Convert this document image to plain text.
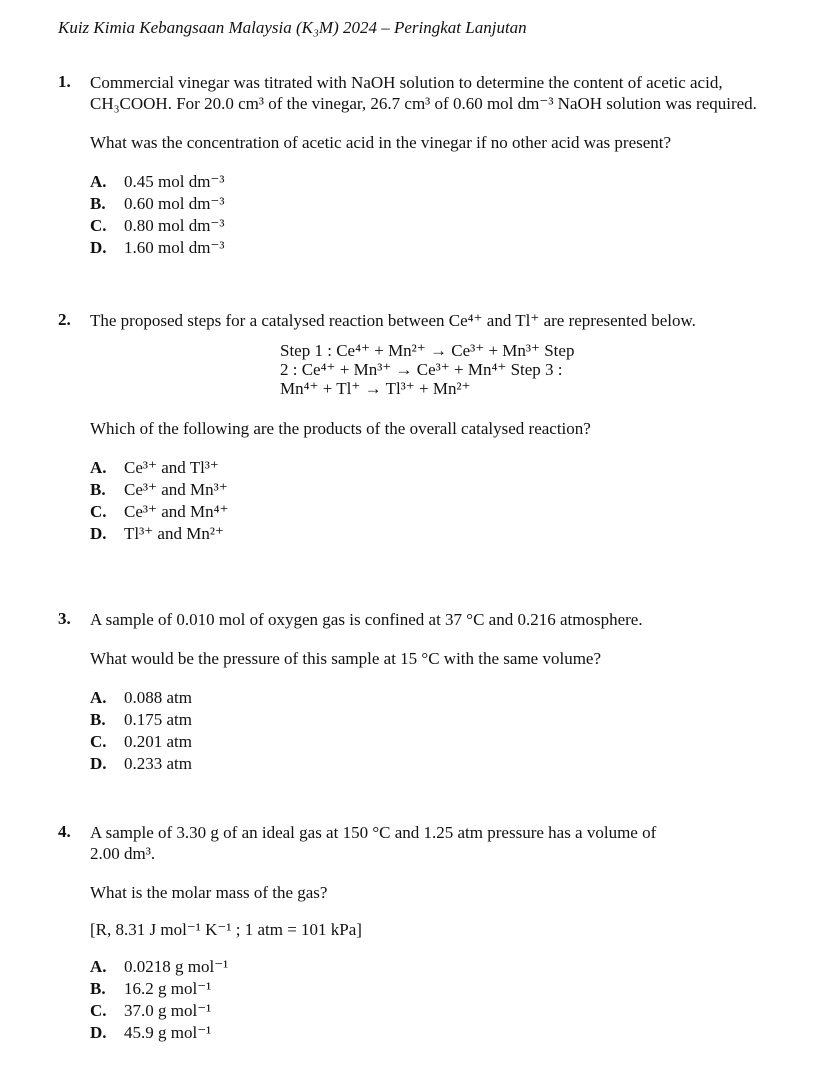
Kuiz Kimia Kebangsaan Malaysia (K₃M) 2024 – Peringkat Lanjutan
1. Commercial vinegar was titrated with NaOH solution to determine the content of acetic acid,
CH₃COOH. For 20.0 cm³ of the vinegar, 26.7 cm³ of 0.60 mol dm⁻³ NaOH solution was required.
What was the concentration of acetic acid in the vinegar if no other acid was present?
A. 0.45 mol dm⁻³
B. 0.60 mol dm⁻³
C. 0.80 mol dm⁻³
D. 1.60 mol dm⁻³
2. The proposed steps for a catalysed reaction between Ce⁴⁺ and Tl⁺ are represented below.
Step 1 : Ce⁴⁺ + Mn²⁺ → Ce³⁺ + Mn³⁺ Step
2 : Ce⁴⁺ + Mn³⁺ → Ce³⁺ + Mn⁴⁺ Step 3 :
Mn⁴⁺ + Tl⁺ → Tl³⁺ + Mn²⁺
Which of the following are the products of the overall catalysed reaction?
A. Ce³⁺ and Tl³⁺
B. Ce³⁺ and Mn³⁺
C. Ce³⁺ and Mn⁴⁺
D. Tl³⁺ and Mn²⁺
3. A sample of 0.010 mol of oxygen gas is confined at 37 °C and 0.216 atmosphere.
What would be the pressure of this sample at 15 °C with the same volume?
A. 0.088 atm
B. 0.175 atm
C. 0.201 atm
D. 0.233 atm
4. A sample of 3.30 g of an ideal gas at 150 °C and 1.25 atm pressure has a volume of
2.00 dm³.
What is the molar mass of the gas?
[R, 8.31 J mol⁻¹ K⁻¹ ; 1 atm = 101 kPa]
A. 0.0218 g mol⁻¹
B. 16.2 g mol⁻¹
C. 37.0 g mol⁻¹
D. 45.9 g mol⁻¹
